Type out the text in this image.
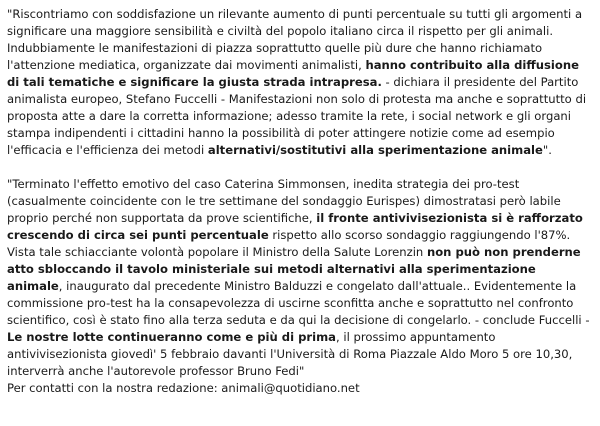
"Riscontriamo con soddisfazione un rilevante aumento di punti percentuale su tutti gli argomenti a significare una maggiore sensibilità e civiltà del popolo italiano circa il rispetto per gli animali. Indubbiamente le manifestazioni di piazza soprattutto quelle più dure che hanno richiamato l'attenzione mediatica, organizzate dai movimenti animalisti, hanno contribuito alla diffusione di tali tematiche e significare la giusta strada intrapresa. - dichiara il presidente del Partito animalista europeo, Stefano Fuccelli - Manifestazioni non solo di protesta ma anche e soprattutto di proposta atte a dare la corretta informazione; adesso tramite la rete, i social network e gli organi stampa indipendenti i cittadini hanno la possibilità di poter attingere notizie come ad esempio l'efficacia e l'efficienza dei metodi alternativi/sostitutivi alla sperimentazione animale".

"Terminato l'effetto emotivo del caso Caterina Simmonsen, inedita strategia dei pro-test (casualmente coincidente con le tre settimane del sondaggio Eurispes) dimostratasi però labile proprio perché non supportata da prove scientifiche, il fronte antivivisezionista si è rafforzato crescendo di circa sei punti percentuale rispetto allo scorso sondaggio raggiungendo l'87%. Vista tale schiacciante volontà popolare il Ministro della Salute Lorenzin non può non prenderne atto sbloccando il tavolo ministeriale sui metodi alternativi alla sperimentazione animale, inaugurato dal precedente Ministro Balduzzi e congelato dall'attuale.. Evidentemente la commissione pro-test ha la consapevolezza di uscirne sconfitta anche e soprattutto nel confronto scientifico, così è stato fino alla terza seduta e da qui la decisione di congelarlo. - conclude Fuccelli - Le nostre lotte continueranno come e più di prima, il prossimo appuntamento antivivisezionista giovedì' 5 febbraio davanti l'Università di Roma Piazzale Aldo Moro 5 ore 10,30, interverrà anche l'autorevole professor Bruno Fedi"

Per contatti con la nostra redazione: animali@quotidiano.net
